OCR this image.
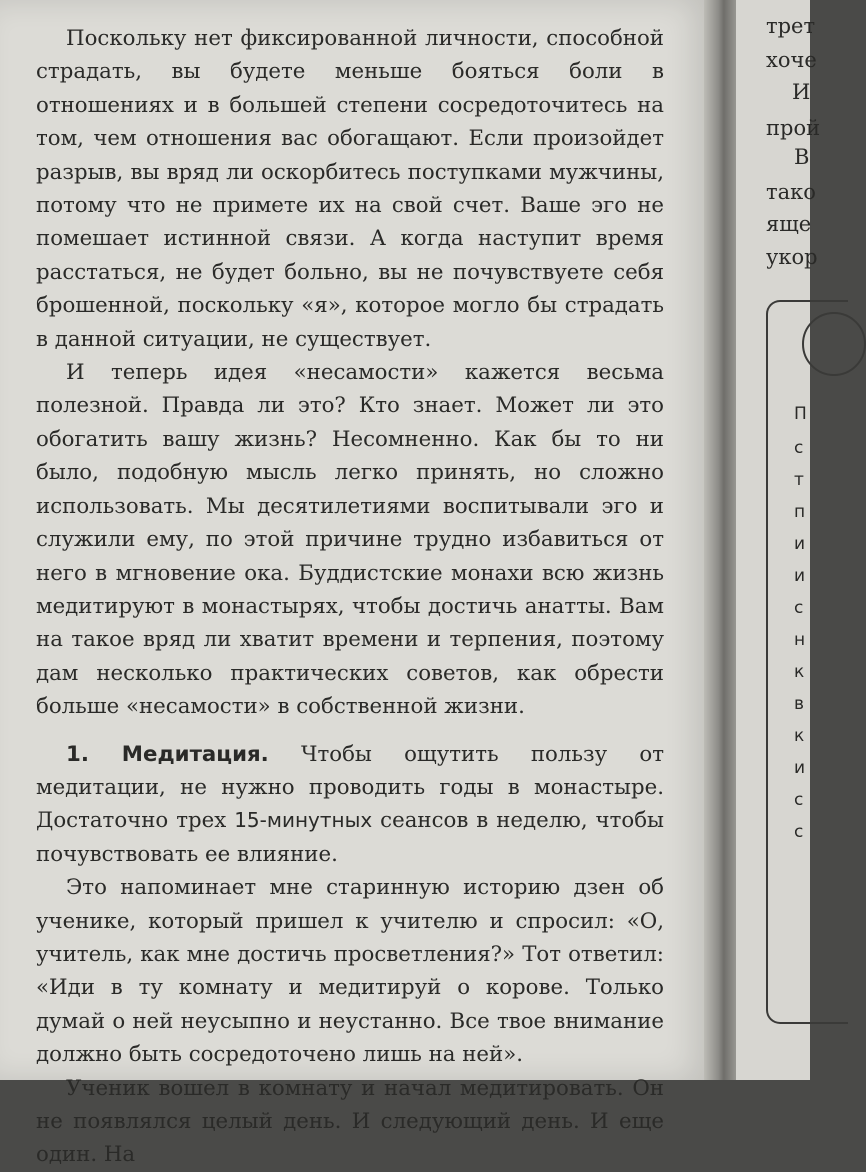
Поскольку нет фиксированной личности, способной страдать, вы будете меньше бояться боли в отношениях и в большей степени сосредоточитесь на том, чем отношения вас обогащают. Если произойдет разрыв, вы вряд ли оскорбитесь поступками мужчины, потому что не примете их на свой счет. Ваше эго не помешает истинной связи. А когда наступит время расстаться, не будет больно, вы не почувствуете себя брошенной, поскольку «я», которое могло бы страдать в данной ситуации, не существует.

И теперь идея «несамости» кажется весьма полезной. Правда ли это? Кто знает. Может ли это обогатить вашу жизнь? Несомненно. Как бы то ни было, подобную мысль легко принять, но сложно использовать. Мы десятилетиями воспитывали эго и служили ему, по этой причине трудно избавиться от него в мгновение ока. Буддистские монахи всю жизнь медитируют в монастырях, чтобы достичь анатты. Вам на такое вряд ли хватит времени и терпения, поэтому дам несколько практических советов, как обрести больше «несамости» в собственной жизни.

1. Медитация. Чтобы ощутить пользу от медитации, не нужно проводить годы в монастыре. Достаточно трех 15-минутных сеансов в неделю, чтобы почувствовать ее влияние.

Это напоминает мне старинную историю дзен об ученике, который пришел к учителю и спросил: «О, учитель, как мне достичь просветления?» Тот ответил: «Иди в ту комнату и медитируй о корове. Только думай о ней неусыпно и неустанно. Все твое внимание должно быть сосредоточено лишь на ней».

Ученик вошел в комнату и начал медитировать. Он не появлялся целый день. И следующий день. И еще один. На

трет
хоче
И
прой
В
тако
яще
укор
П
с
т
п
и
и
с
н
к
в
к
и
с
с
